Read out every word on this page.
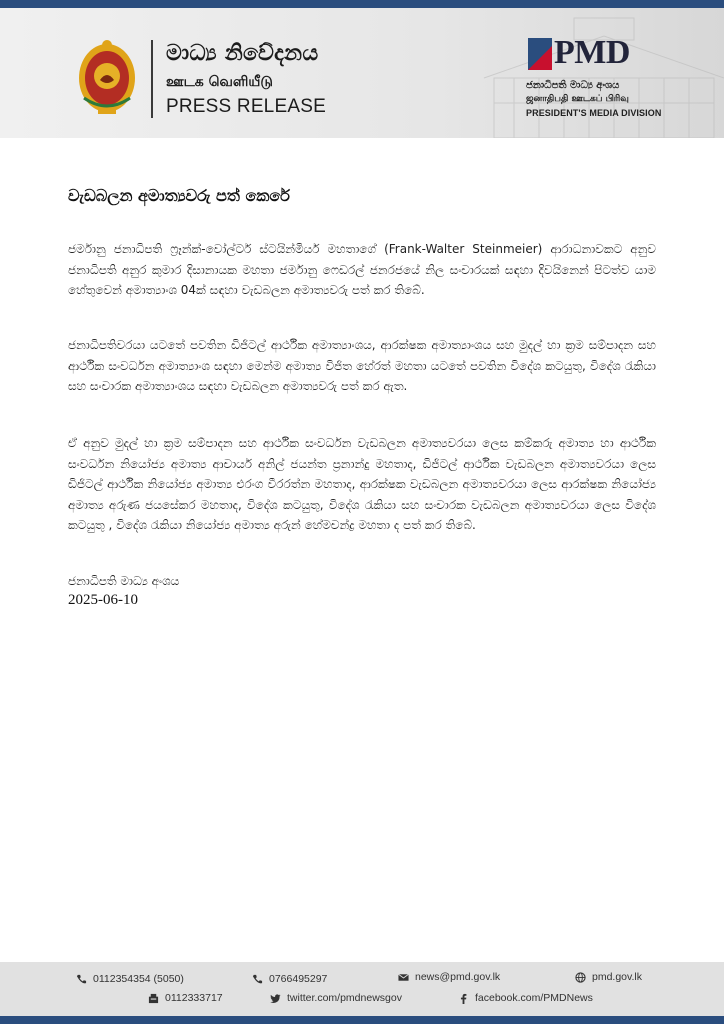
මාධ්‍ය නිවේදනය
ஊடக வெளியீடு
PRESS RELEASE
PMD
ජනාධිපති මාධ්‍ය අංශය
ஜனாதிபதி ஊடகப் பிரிவு
PRESIDENT'S MEDIA DIVISION
වැඩබලන අමාත්‍යවරු පත් කෙරේ

ජර්මානු ජනාධිපති ෆ්‍රෑන්ක්-වෝල්ටර් ස්ටයින්මියර් මහතාගේ (Frank-Walter Steinmeier) ආරාධනාවකට අනුව ජනාධිපති අනුර කුමාර දිසානායක මහතා ජර්මානු ෆෙඩරල් ජනරජයේ නිල සංචාරයක් සඳහා දිවයිනෙන් පිටත්ව යාම හේතුවෙන් අමාත්‍යාංශ 04ක් සඳහා වැඩබලන අමාත්‍යවරු පත් කර තිබේ.

ජනාධිපතිවරයා යටතේ පවතින ඩිජිටල් ආර්ථික අමාත්‍යාංශය, ආරක්ෂක අමාත්‍යාංශය සහ මුදල් හා ක්‍රම සම්පාදන සහ ආර්ථික සංවර්ධන අමාත්‍යාංශ සඳහා මෙන්ම අමාත්‍ය විජිත හේරත් මහතා යටතේ පවතින විදේශ කටයුතු, විදේශ රැකියා සහ සංචාරක අමාත්‍යාංශය සඳහා වැඩබලන අමාත්‍යවරු පත් කර ඇත.

ඒ අනුව මුදල් හා ක්‍රම සම්පාදන සහ ආර්ථික සංවර්ධන වැඩබලන අමාත්‍යවරයා ලෙස කම්කරු අමාත්‍ය හා ආර්ථික සංවර්ධන නියෝජ්‍ය අමාත්‍ය ආචාර්ය අනිල් ජයන්ත ප්‍රනාන්දු මහතාද, ඩිජිටල් ආර්ථික වැඩබලන අමාත්‍යවරයා ලෙස ඩිජිටල් ආර්ථික නියෝජ්‍ය අමාත්‍ය එරංග වීරරත්න මහතාද, ආරක්ෂක වැඩබලන අමාත්‍යවරයා ලෙස ආරක්ෂක නියෝජ්‍ය අමාත්‍ය අරුණ ජයසේකර මහතාද, විදේශ කටයුතු, විදේශ රැකියා සහ සංචාරක වැඩබලන අමාත්‍යවරයා ලෙස විදේශ කටයුතු , විදේශ රැකියා නියෝජ්‍ය අමාත්‍ය අරුන් හේමචන්ද්‍ර මහතා ද පත් කර තිබේ.

ජනාධිපති මාධ්‍ය අංශය
2025-06-10
0112354354 (5050)	0766495297	news@pmd.gov.lk	pmd.gov.lk
0112333717	twitter.com/pmdnewsgov	facebook.com/PMDNews
